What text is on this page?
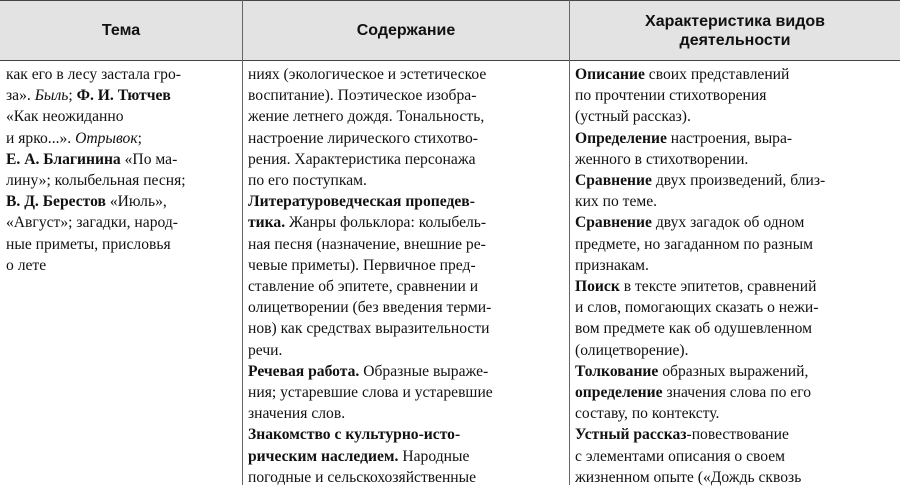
Тема	Содержание
Характеристика видов
деятельности
как его в лесу застала гро-
за». Быль; Ф. И. Тютчев
«Как неожиданно
и ярко...». Отрывок;
Е. А. Благинина «По ма-
лину»; колыбельная песня;
В. Д. Берестов «Июль»,
«Август»; загадки, народ-
ные приметы, присловья
о лете
ниях (экологическое и эстетическое
воспитание). Поэтическое изобра-
жение летнего дождя. Тональность,
настроение лирического стихотво-
рения. Характеристика персонажа
по его поступкам.
Литературоведческая пропедев-
тика. Жанры фольклора: колыбель-
ная песня (назначение, внешние ре-
чевые приметы). Первичное пред-
ставление об эпитете, сравнении и
олицетворении (без введения терми-
нов) как средствах выразительности
речи.
Речевая работа. Образные выраже-
ния; устаревшие слова и устаревшие
значения слов.
Знакомство с культурно-исто-
рическим наследием. Народные
погодные и сельскохозяйственные
Описание своих представлений
по прочтении стихотворения
(устный рассказ).
Определение настроения, выра-
женного в стихотворении.
Сравнение двух произведений, близ-
ких по теме.
Сравнение двух загадок об одном
предмете, но загаданном по разным
признакам.
Поиск в тексте эпитетов, сравнений
и слов, помогающих сказать о нежи-
вом предмете как об одушевленном
(олицетворение).
Толкование образных выражений,
определение значения слова по его
составу, по контексту.
Устный рассказ-повествование
с элементами описания о своем
жизненном опыте («Дождь сквозь
